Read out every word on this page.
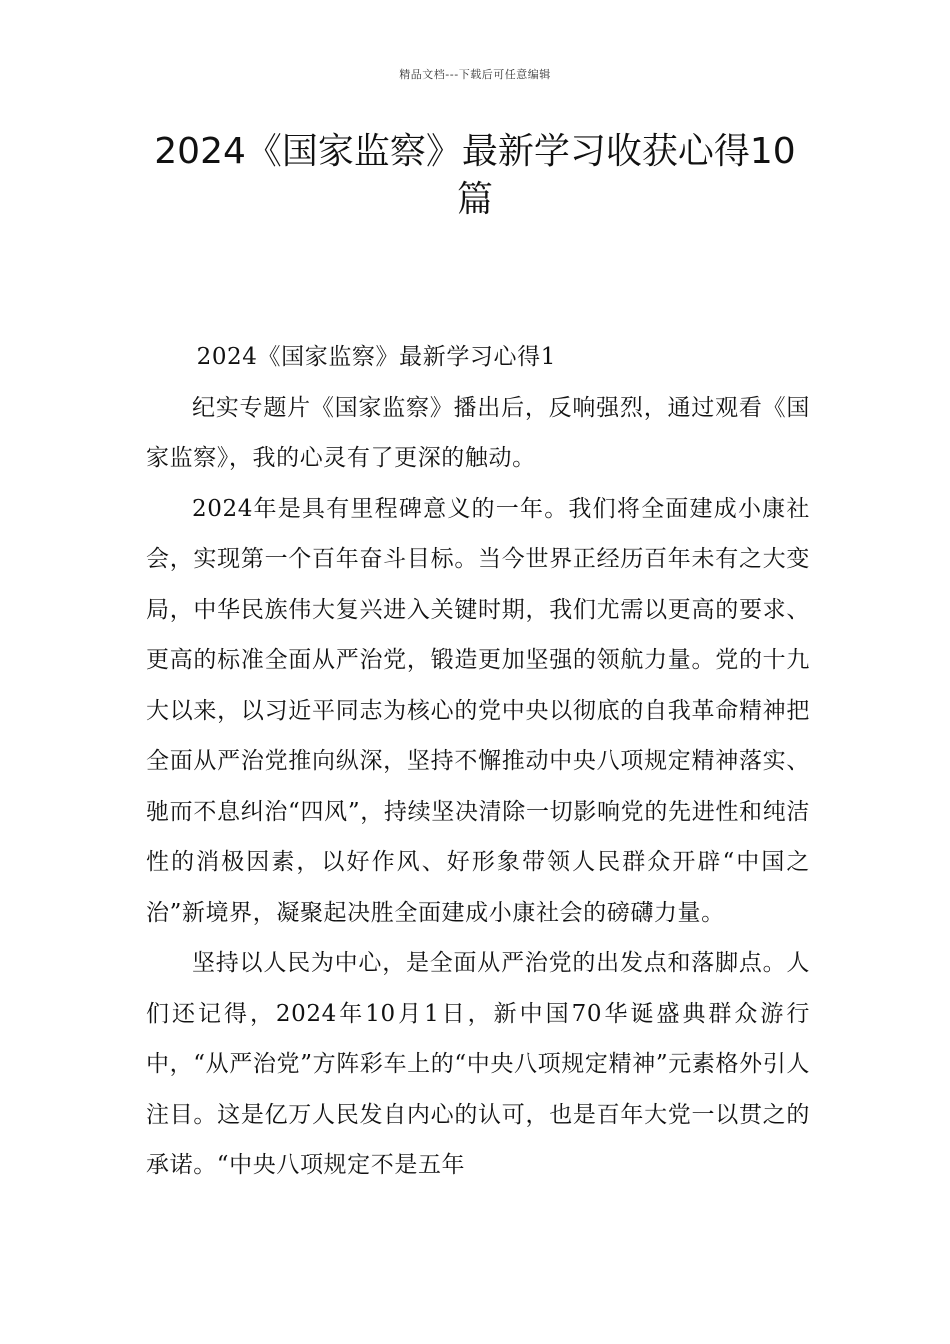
精品文档---下载后可任意编辑
2024《国家监察》最新学习收获心得10篇

2024《国家监察》最新学习心得1

纪实专题片《国家监察》播出后，反响强烈，通过观看《国家监察》，我的心灵有了更深的触动。

2024年是具有里程碑意义的一年。我们将全面建成小康社会，实现第一个百年奋斗目标。当今世界正经历百年未有之大变局，中华民族伟大复兴进入关键时期，我们尤需以更高的要求、更高的标准全面从严治党，锻造更加坚强的领航力量。党的十九大以来，以习近平同志为核心的党中央以彻底的自我革命精神把全面从严治党推向纵深，坚持不懈推动中央八项规定精神落实、驰而不息纠治“四风”，持续坚决清除一切影响党的先进性和纯洁性的消极因素，以好作风、好形象带领人民群众开辟“中国之治”新境界，凝聚起决胜全面建成小康社会的磅礴力量。

坚持以人民为中心，是全面从严治党的出发点和落脚点。人们还记得，2024年10月1日，新中国70华诞盛典群众游行中，“从严治党”方阵彩车上的“中央八项规定精神”元素格外引人注目。这是亿万人民发自内心的认可，也是百年大党一以贯之的承诺。“中央八项规定不是五年
